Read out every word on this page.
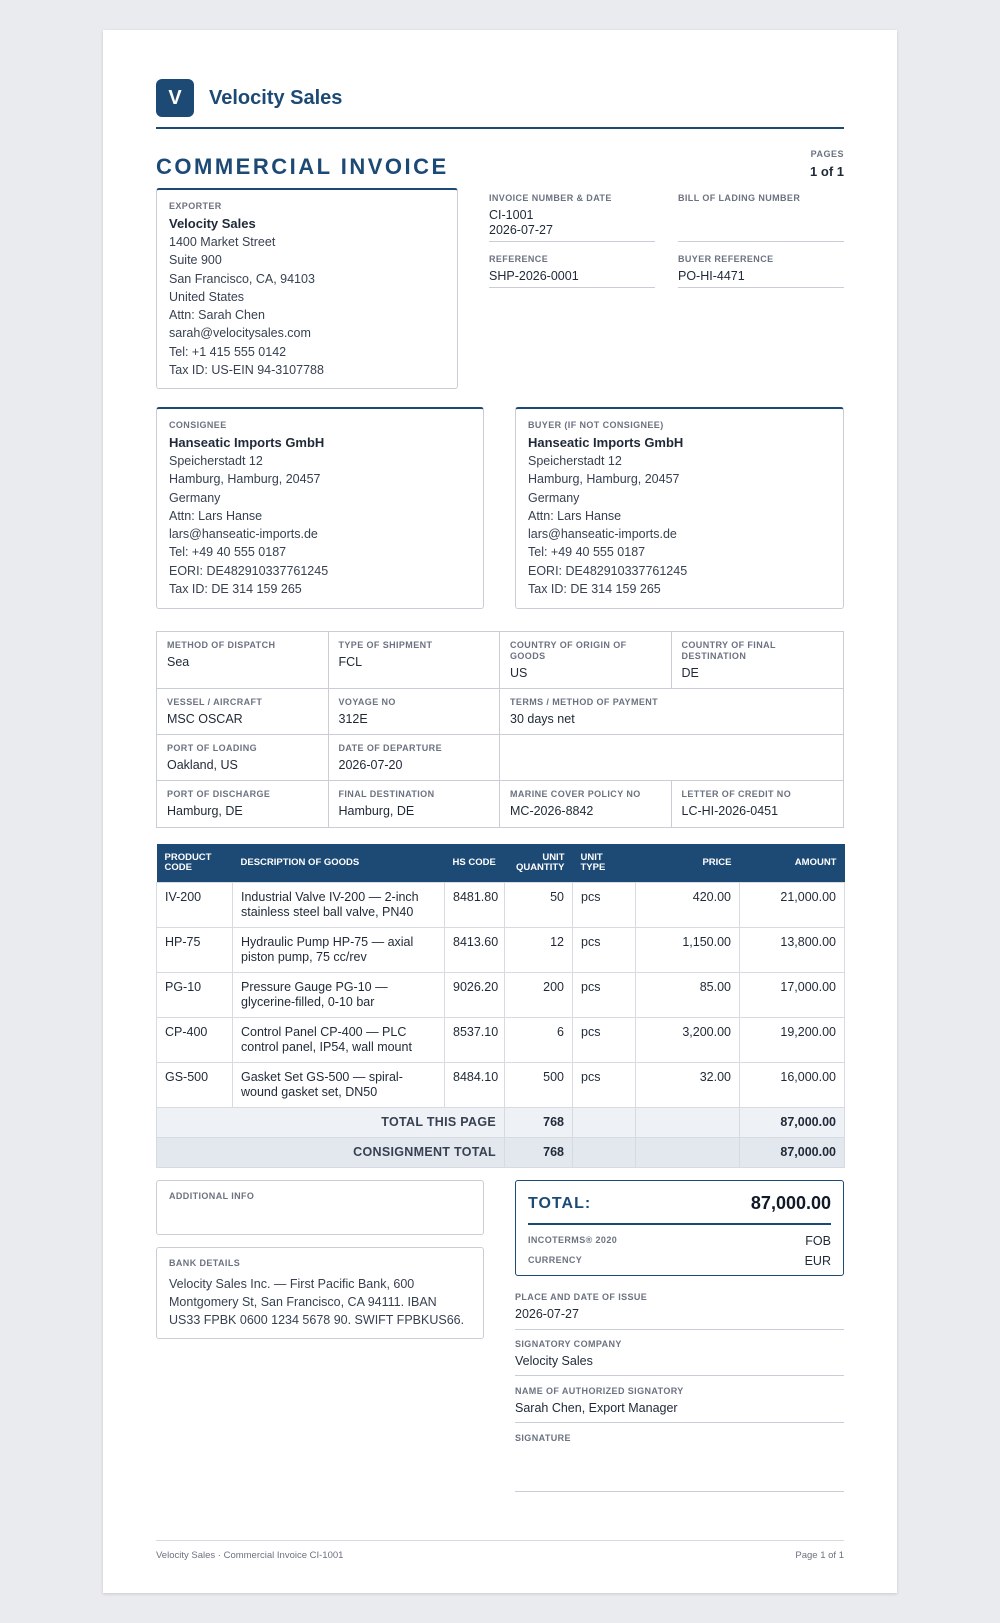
V Velocity Sales
COMMERCIAL INVOICE	PAGES
1 of 1
EXPORTER
Velocity Sales
1400 Market Street
Suite 900
San Francisco, CA, 94103
United States
Attn: Sarah Chen
sarah@velocitysales.com
Tel: +1 415 555 0142
Tax ID: US-EIN 94-3107788
INVOICE NUMBER & DATE
CI-1001
2026-07-27
BILL OF LADING NUMBER
REFERENCE
SHP-2026-0001
BUYER REFERENCE
PO-HI-4471
CONSIGNEE
Hanseatic Imports GmbH
Speicherstadt 12
Hamburg, Hamburg, 20457
Germany
Attn: Lars Hanse
lars@hanseatic-imports.de
Tel: +49 40 555 0187
EORI: DE482910337761245
Tax ID: DE 314 159 265
BUYER (IF NOT CONSIGNEE)
Hanseatic Imports GmbH
Speicherstadt 12
Hamburg, Hamburg, 20457
Germany
Attn: Lars Hanse
lars@hanseatic-imports.de
Tel: +49 40 555 0187
EORI: DE482910337761245
Tax ID: DE 314 159 265
METHOD OF DISPATCH
Sea
TYPE OF SHIPMENT
FCL
COUNTRY OF ORIGIN OF GOODS
US
COUNTRY OF FINAL DESTINATION
DE
VESSEL / AIRCRAFT
MSC OSCAR
VOYAGE NO
312E
TERMS / METHOD OF PAYMENT
30 days net
PORT OF LOADING
Oakland, US
DATE OF DEPARTURE
2026-07-20
PORT OF DISCHARGE
Hamburg, DE
FINAL DESTINATION
Hamburg, DE
MARINE COVER POLICY NO
MC-2026-8842
LETTER OF CREDIT NO
LC-HI-2026-0451
PRODUCT CODE	DESCRIPTION OF GOODS	HS CODE	UNIT QUANTITY	UNIT TYPE	PRICE	AMOUNT
IV-200	Industrial Valve IV-200 — 2-inch stainless steel ball valve, PN40	8481.80	50	pcs	420.00	21,000.00
HP-75	Hydraulic Pump HP-75 — axial piston pump, 75 cc/rev	8413.60	12	pcs	1,150.00	13,800.00
PG-10	Pressure Gauge PG-10 — glycerine-filled, 0-10 bar	9026.20	200	pcs	85.00	17,000.00
CP-400	Control Panel CP-400 — PLC control panel, IP54, wall mount	8537.10	6	pcs	3,200.00	19,200.00
GS-500	Gasket Set GS-500 — spiral-wound gasket set, DN50	8484.10	500	pcs	32.00	16,000.00
TOTAL THIS PAGE			768			87,000.00
CONSIGNMENT TOTAL			768			87,000.00
ADDITIONAL INFO
BANK DETAILS
Velocity Sales Inc. — First Pacific Bank, 600 Montgomery St, San Francisco, CA 94111. IBAN US33 FPBK 0600 1234 5678 90. SWIFT FPBKUS66.
TOTAL:	87,000.00
INCOTERMS® 2020	FOB
CURRENCY	EUR
PLACE AND DATE OF ISSUE
2026-07-27
SIGNATORY COMPANY
Velocity Sales
NAME OF AUTHORIZED SIGNATORY
Sarah Chen, Export Manager
SIGNATURE
Velocity Sales · Commercial Invoice CI-1001	Page 1 of 1
